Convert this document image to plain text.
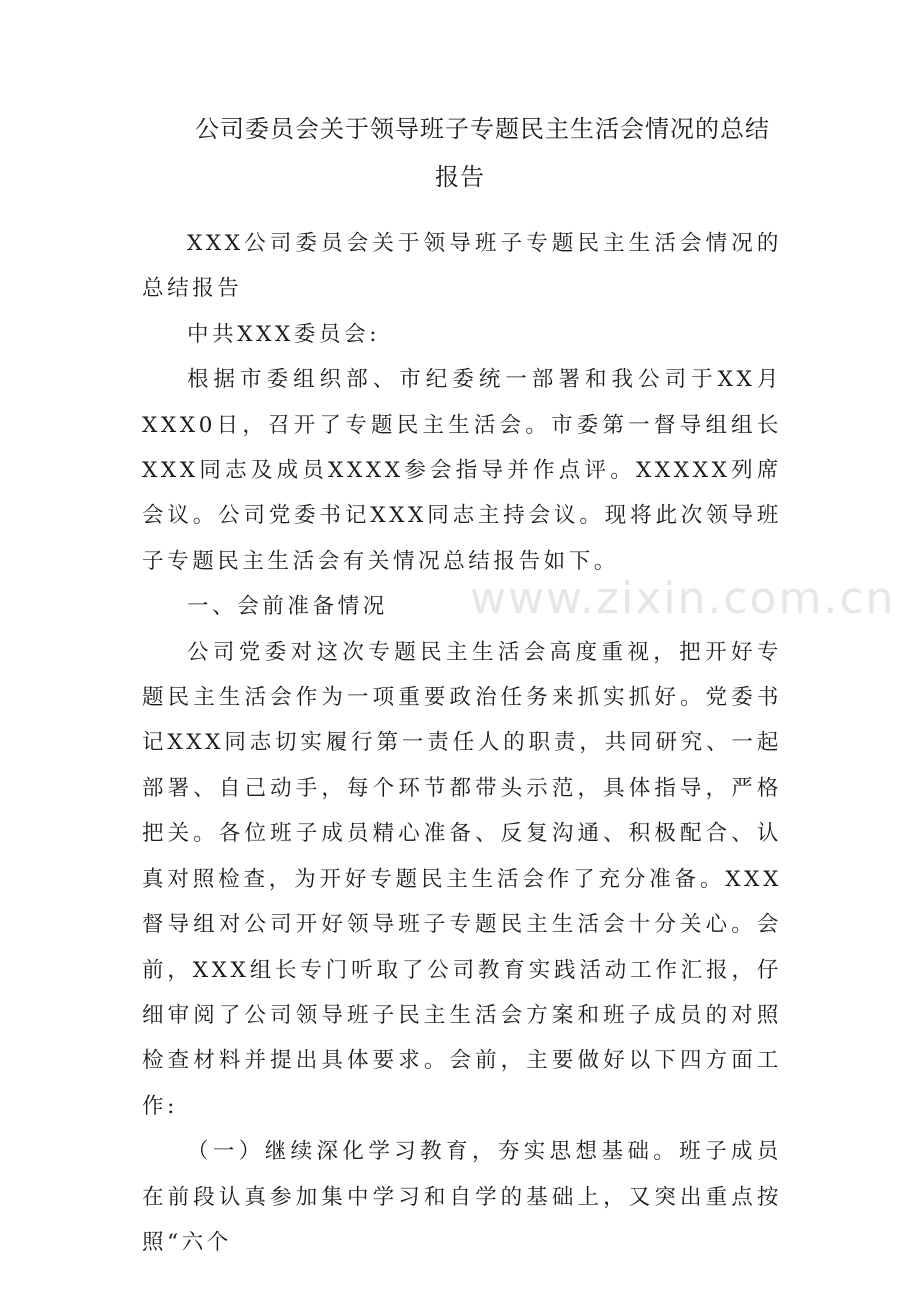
公司委员会关于领导班子专题民主生活会情况的总结
报告
www.zixin.com.cn

XXX公司委员会关于领导班子专题民主生活会情况的总结报告

中共XXX委员会:

根据市委组织部、市纪委统一部署和我公司于XX月XXX0日，召开了专题民主生活会。市委第一督导组组长XXX同志及成员XXXX参会指导并作点评。XXXXX列席会议。公司党委书记XXX同志主持会议。现将此次领导班子专题民主生活会有关情况总结报告如下。

一、会前准备情况

公司党委对这次专题民主生活会高度重视，把开好专题民主生活会作为一项重要政治任务来抓实抓好。党委书记XXX同志切实履行第一责任人的职责，共同研究、一起部署、自己动手，每个环节都带头示范，具体指导，严格把关。各位班子成员精心准备、反复沟通、积极配合、认真对照检查，为开好专题民主生活会作了充分准备。XXX督导组对公司开好领导班子专题民主生活会十分关心。会前，XXX组长专门听取了公司教育实践活动工作汇报，仔细审阅了公司领导班子民主生活会方案和班子成员的对照检查材料并提出具体要求。会前，主要做好以下四方面工作:

（一）继续深化学习教育，夯实思想基础。班子成员在前段认真参加集中学习和自学的基础上，又突出重点按照“六个
